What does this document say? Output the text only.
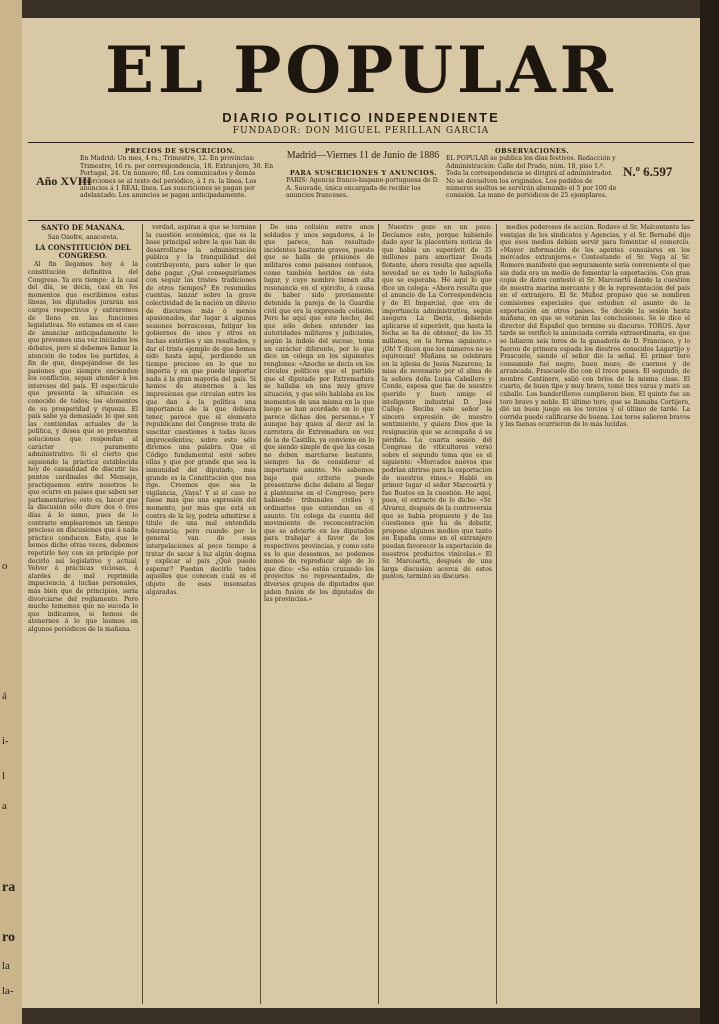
o
á
i-
l
a
ra
ro
la
la-
EL POPULAR
DIARIO POLITICO INDEPENDIENTE
FUNDADOR: DON MIGUEL PERILLAN GARCIA
Año XVIII
PRECIOS DE SUSCRICION.
En Madrid: Un mes, 4 rs.; Trimestre, 12. En provincias: Trimestre, 16 rs. por correspondencia, 18. Extranjero, 30. En Portugal, 24. Un número, 60. Los comunicados y demás inserciones se al texto del periódico, á 1 rs. la línea. Los anuncios á 1 REAL línea. Las suscriciones se pagan por adelantado. Los anuncios se pagan anticipadamente.
Madrid—Viernes 11 de Junio de 1886
PARA SUSCRICIONES Y ANUNCIOS.
PARIS: Agencia franco-hispano-portuguesa de D. A. Sauvade, única encargada de recibir los anuncios franceses.
OBSERVACIONES.
EL POPULAR se publica los días festivos. Redacción y Administración: Calle del Prado, núm. 18, piso 1.º. Toda la correspondencia se dirigirá al administrador. No se devuelven los originales. Los pedidos de números sueltos se servirán abonando el 5 por 100 de comisión. La mano de periódicos de 25 ejemplares.
N.º 6.597
SANTO DE MAÑANA.
San Onofre, anacoreta.
LA CONSTITUCIÓN DEL CONGRESO.

Al fin llegamos hoy á la constitución definitiva del Congreso. Ya era tiempo: á la casi del día, se decía, casi en los momentos que escribimos estas líneas, los diputados jurarán sus cargos respectivos y entraremos de lleno en las funciones legislativas. No estamos en el caso de anunciar anticipadamente lo que prevemos una vez iniciados los debates, pero sí debemos llamar la atención de todos los partidos, á fin de que, despojándose de las pasiones que siempre encienden los conflictos, sepan atender á los intereses del país. El espectáculo que presenta la situación es conocido de todos; los elementos de su prosperidad y riqueza. El país sabe ya demasiado lo que son las contiendas actuales de la política, y desea que se presenten soluciones que respondan al carácter puramente administrativo. Si el cierto que siguiendo la práctica establecida hoy de casualidad de discutir las puntos cardinales del Mensaje, practiquemos entre nosotros lo que ocurre en países que saben ser parlamentarios; esto es, hacer que la discusión sólo dure dos ó tres días á lo sumo, pues de lo contrario emplearemos un tiempo precioso en discusiones que á nada práctico conducen. Esto, que le hemos dicho otras veces, debemos repetirlo hoy con un principio por decirlo así legislativo y actual. Volver á prácticas viciosas, á alardes de mal reprimida impaciencia, á luchas personales, más bien que de principios, sería divorciarse del reglamento. Pero mucho tememos que no suceda lo que indicamos, si hemos de atenernos á lo que leemos en algunos periódicos de la mañana.

verdad, aspiran á que se termine la cuestión económica, que es la base principal sobre la que han de desarrollarse la administración pública y la tranquilidad del contribuyente, para saber lo que debe pagar. ¿Qué conseguiríamos con seguir las tristes tradiciones de otros tiempos? En resumidas cuentas, lanzar sobre la grave colectividad de la nación un diluvio de discursos más ó menos apasionados, dar lugar á algunas sesiones borrascosas, fatigar los gobiernos de unos y otros en luchas estériles y sin resultados, y dar el triste ejemplo de que hemos sido hasta aquí, perdiendo un tiempo precioso en lo que no importa y en que puede importar nada á la gran mayoría del país. Si hemos de atenernos á las impresiones que circulan entre los que dan á la política una importancia de la que debiera tener, parece que el elemento republicano del Congreso trata de suscitar cuestiones á todas luces improcedentes; sobre esto sólo diremos una palabra. Que el Código fundamental esté sobre ellas y que por grande que sea la inmunidad del diputado, más grande es la Constitución que nos rige. Creemos que sea la vigilancia, ¿Vaya! Y si el caso no fuese más que una expresión del momento, por más que está en contra de la ley, podría admitirse á título de una mal entendida tolerancia; pero cuando por lo general van de esas interpelaciones al poco tiempo á tratar de sacar á luz algún dogma y explicar al país ¿Qué puede esperar? Puedan decirlo todos aquellos que conocen cuál es el objeto de esas insensatas algaradas.

De una colisión entre unos soldados y unos segadores, á lo que parece, han resultado incidentes bastante graves, puesto que se halla de prisiones de militares como paisanos contusos, como también heridos en ésta lugar, y cuyo nombre tienen alta resonancia en el ejército, á causa de haber sido previamente detenida la pareja de la Guardia civil que era la expresada colisión. Pero he aquí que este hecho, del que sólo deben entender las autoridades militares y judiciales, según la índole del suceso, toma un carácter diferente, por lo que dice un colega en los siguientes renglones: «Anoche se decía en los círculos políticos que el partido que el diputado por Extremadura se hallaba en una muy grave situación, y que sólo hablaba en los momentos de una misma en la que luego se han acordado en lo que parece dichas dos personas.» Y aunque hay quien al decir así la carretera de Extremadura en vez de la de Castilla, ya conviene en lo que siendo simple de que las cosas no deben marcharse bastante, siempre ha de considerar el importante asunto. No sabemos bajo qué criterio puede presentarse dicho debate al llegar á plantearse en el Congreso; pero habiendo tribunales civiles y ordinarios que entiendan en el asunto. Un colega da cuenta del movimiento de reconcentración que se advierte en los diputados para trabajar á favor de los respectivos provincias, y como esto es lo que deseamos, no podemos menos de reproducir algo de lo que dice: «Se están cruzando los proyectos no representados, de diversos grupos de diputados que piden fusión de los diputados de las provincias.»

Nuestro gozo en un pozo. Decíamos esto, porque habiendo dado ayer la placentera noticia de que había un superávit de 35 millones para amortizar Deuda flotante, ahora resulta que aquella novedad no es todo lo halagüeña que se esperaba. Hé aquí lo que dice un colega: «Ahora resulta que el anuncio de La Correspondencia y de El Imparcial, que era de importancia administrativa, según asegura La Iberia, debiendo aplicarse el superávit, que hasta la fecha se ha de obtener, de los 35 millones, en la forma siguiente.» ¡Oh! Y dicen que los números no se equivocan! Mañana se celebrará en la iglesia de Jesús Nazareno, la misa de novenario por el alma de la señora doña Luisa Caballero y Conde, esposa que fue de nuestro querido y buen amigo el inteligente industrial D. José Callejo. Reciba este señor la sincera expresión de nuestro sentimiento, y quiera Dios que la resignación que se acompaña á su pérdida. La cuarta sesión del Congreso de viticultores versó sobre el segundo tema que es el siguiente: «Mercados nuevos que podrían abrirse para la exportación de nuestros vinos.» Habló en primer lugar el señor Marcoartú y fue Bustos en la cuestión. He aquí, pues, el extracto de lo dicho: «Sr. Alvarez, después de la controversia que se había propuesto y de las cuestiones que ha de debatir, propone algunos medios que tanto en España como en el extranjero puedan favorecer la exportación de nuestros productos vinícolas.» El Sr. Marcoartú, después de una larga discusión acerca de estos puntos, terminó su discurso.

medios poderosos de acción. Rodavo el Sr. Malcontento las ventajas de los sindicatos y Agencias, y el Sr. Bernabé dijo que esos medios debían servir para fomentar el comercio. «Mayor información de los agentes consulares en los mercados extranjeros.» Contestando el Sr. Vega al Sr. Romero manifestó que seguramente sería conveniente el que sin duda era un medio de fomentar la exportación. Con gran copia de datos contestó el Sr. Marcoartú dando la cuestión de nuestra marina mercante y de la representación del país en el extranjero. El Sr. Muñoz propuso que se nombren comisiones especiales que estudien el asunto de la exportación en otros países. Se decide la sesión hasta mañana, en que se votarán las conclusiones. Se le dice el director del Español que termine su discurso. TOROS. Ayer tarde se verificó la anunciada corrida extraordinaria, en que se lidiaron seis toros de la ganadería de D. Francisco, y lo fueron de primera espada los diestros conocidos Lagartijo y Frascuelo, siendo el señor dio la señal. El primer toro consumido fué negro, buen mozo, de cuernos y de arrancada. Frascuelo dio con él trece pases. El segundo, de nombre Cantinero, salió con bríos de la misma clase. El cuarto, de buen tipo y muy bravo, tomó tres varas y mató un caballo. Los banderilleros cumplieron bien. El quinto fue un toro bravo y noble. El último toro, que se llamaba Cortijero, dió un buen juego en los tercios y el último de tarde. La corrida puede calificarse de buena. Los toros salieron bravos y las faenas ocurrieron de lo más lucidas.
